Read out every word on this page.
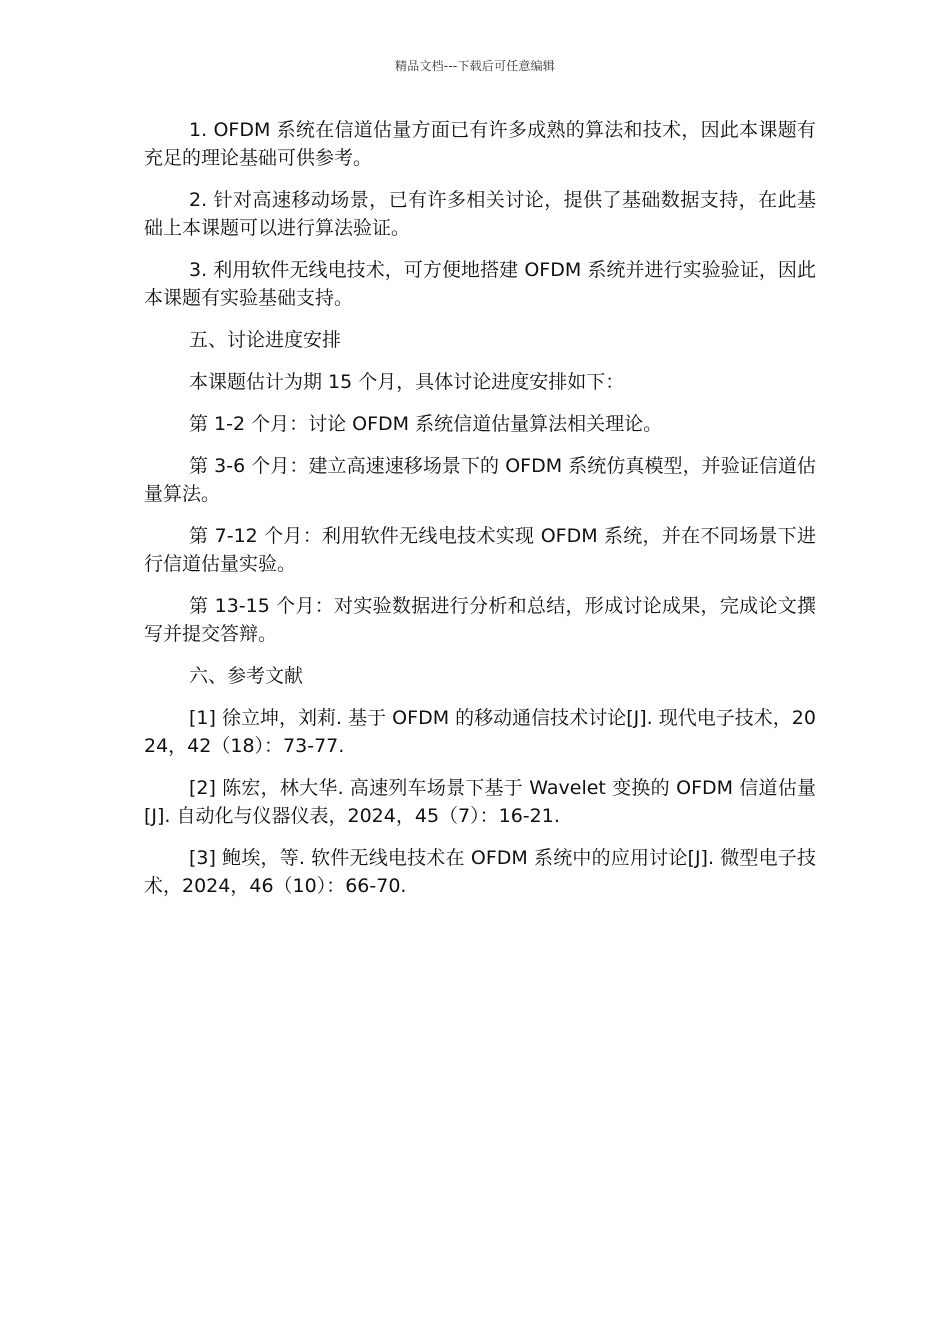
精品文档---下载后可任意编辑

1. OFDM 系统在信道估量方面已有许多成熟的算法和技术，因此本课题有充足的理论基础可供参考。

2. 针对高速移动场景，已有许多相关讨论，提供了基础数据支持，在此基础上本课题可以进行算法验证。

3. 利用软件无线电技术，可方便地搭建 OFDM 系统并进行实验验证，因此本课题有实验基础支持。

五、讨论进度安排

本课题估计为期 15 个月，具体讨论进度安排如下：

第 1-2 个月：讨论 OFDM 系统信道估量算法相关理论。

第 3-6 个月：建立高速速移场景下的 OFDM 系统仿真模型，并验证信道估量算法。

第 7-12 个月：利用软件无线电技术实现 OFDM 系统，并在不同场景下进行信道估量实验。

第 13-15 个月：对实验数据进行分析和总结，形成讨论成果，完成论文撰写并提交答辩。

六、参考文献

[1] 徐立坤，刘莉. 基于 OFDM 的移动通信技术讨论[J]. 现代电子技术，2024，42（18）：73-77.

[2] 陈宏，林大华. 高速列车场景下基于 Wavelet 变换的 OFDM 信道估量[J]. 自动化与仪器仪表，2024，45（7）：16-21.

[3] 鲍埃，等. 软件无线电技术在 OFDM 系统中的应用讨论[J]. 微型电子技术，2024，46（10）：66-70.
